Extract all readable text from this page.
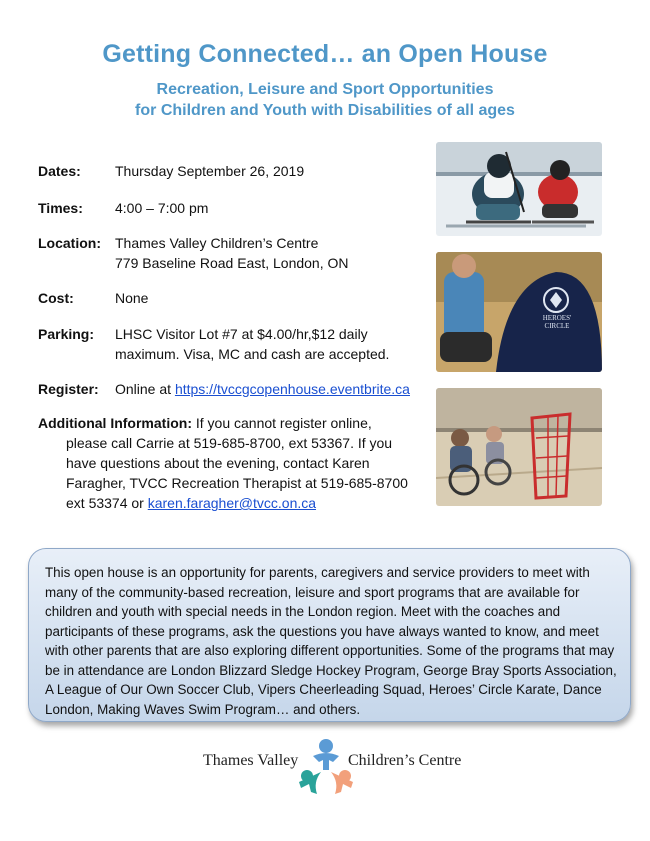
Getting Connected… an Open House
Recreation, Leisure and Sport Opportunities
for Children and Youth with Disabilities of all ages
Dates:	Thursday September 26, 2019
Times:	4:00 – 7:00 pm
Location:	Thames Valley Children’s Centre
779 Baseline Road East, London, ON
Cost:	None
Parking:	LHSC Visitor Lot #7 at $4.00/hr,$12 daily
maximum. Visa, MC and cash are accepted.
Register:	Online at https://tvccgcopenhouse.eventbrite.ca
Additional Information: If you cannot register online,
please call Carrie at 519-685-8700, ext 53367. If you
have questions about the evening, contact Karen
Faragher, TVCC Recreation Therapist at 519-685-8700
ext 53374 or karen.faragher@tvcc.on.ca
HEROES'
CIRCLE

This open house is an opportunity for parents, caregivers and service providers to meet with many of the community-based recreation, leisure and sport programs that are available for children and youth with special needs in the London region. Meet with the coaches and participants of these programs, ask the questions you have always wanted to know, and meet with other parents that are also exploring different opportunities. Some of the programs that may be in attendance are London Blizzard Sledge Hockey Program, George Bray Sports Association, A League of Our Own Soccer Club, Vipers Cheerleading Squad, Heroes’ Circle Karate, Dance London, Making Waves Swim Program… and others.

Thames Valley	Children’s Centre
